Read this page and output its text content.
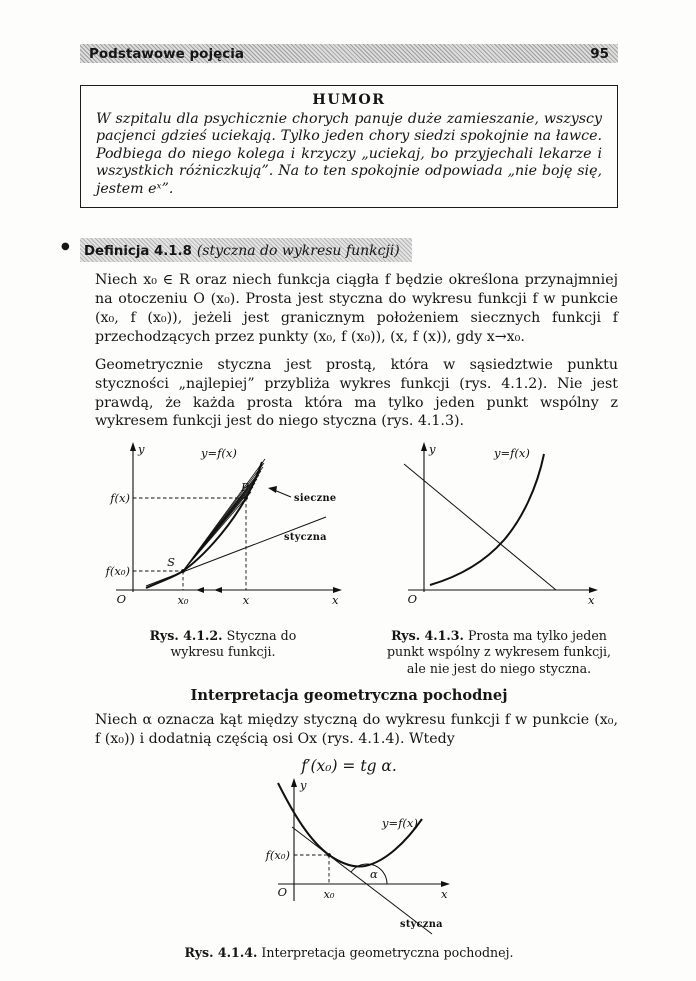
Podstawowe pojęcia	95
HUMOR

W szpitalu dla psychicznie chorych panuje duże zamieszanie, wszyscy pacjenci gdzieś uciekają. Tylko jeden chory siedzi spokojnie na ławce. Podbiega do niego kolega i krzyczy „uciekaj, bo przyjechali lekarze i wszystkich różniczkują”. Na to ten spokojnie odpowiada „nie boję się, jestem eˣ”.

● Definicja 4.1.8 (styczna do wykresu funkcji)

Niech x₀ ∈ R oraz niech funkcja ciągła f będzie określona przynajmniej na otoczeniu O (x₀). Prosta jest styczna do wykresu funkcji f w punkcie (x₀, f (x₀)), jeżeli jest granicznym położeniem siecznych funkcji f przechodzących przez punkty (x₀, f (x₀)), (x, f (x)), gdy x→x₀.

Geometrycznie styczna jest prostą, która w sąsiedztwie punktu styczności „najlepiej” przybliża wykres funkcji (rys. 4.1.2). Nie jest prawdą, że każda prosta która ma tylko jeden punkt wspólny z wykresem funkcji jest do niego styczna (rys. 4.1.3).

y	y=f(x)
f(x)
f(x₀)
P
S
sieczne
styczna
O	x₀	x	x
Rys. 4.1.2. Styczna do wykresu funkcji.
y	y=f(x)
O	x
Rys. 4.1.3. Prosta ma tylko jeden punkt wspólny z wykresem funkcji, ale nie jest do niego styczna.
Interpretacja geometryczna pochodnej

Niech α oznacza kąt między styczną do wykresu funkcji f w punkcie (x₀, f (x₀)) i dodatnią częścią osi Ox (rys. 4.1.4). Wtedy

f′(x₀) = tg α.
y
y=f(x)
f(x₀)
O	x₀	x
α
styczna
Rys. 4.1.4. Interpretacja geometryczna pochodnej.
